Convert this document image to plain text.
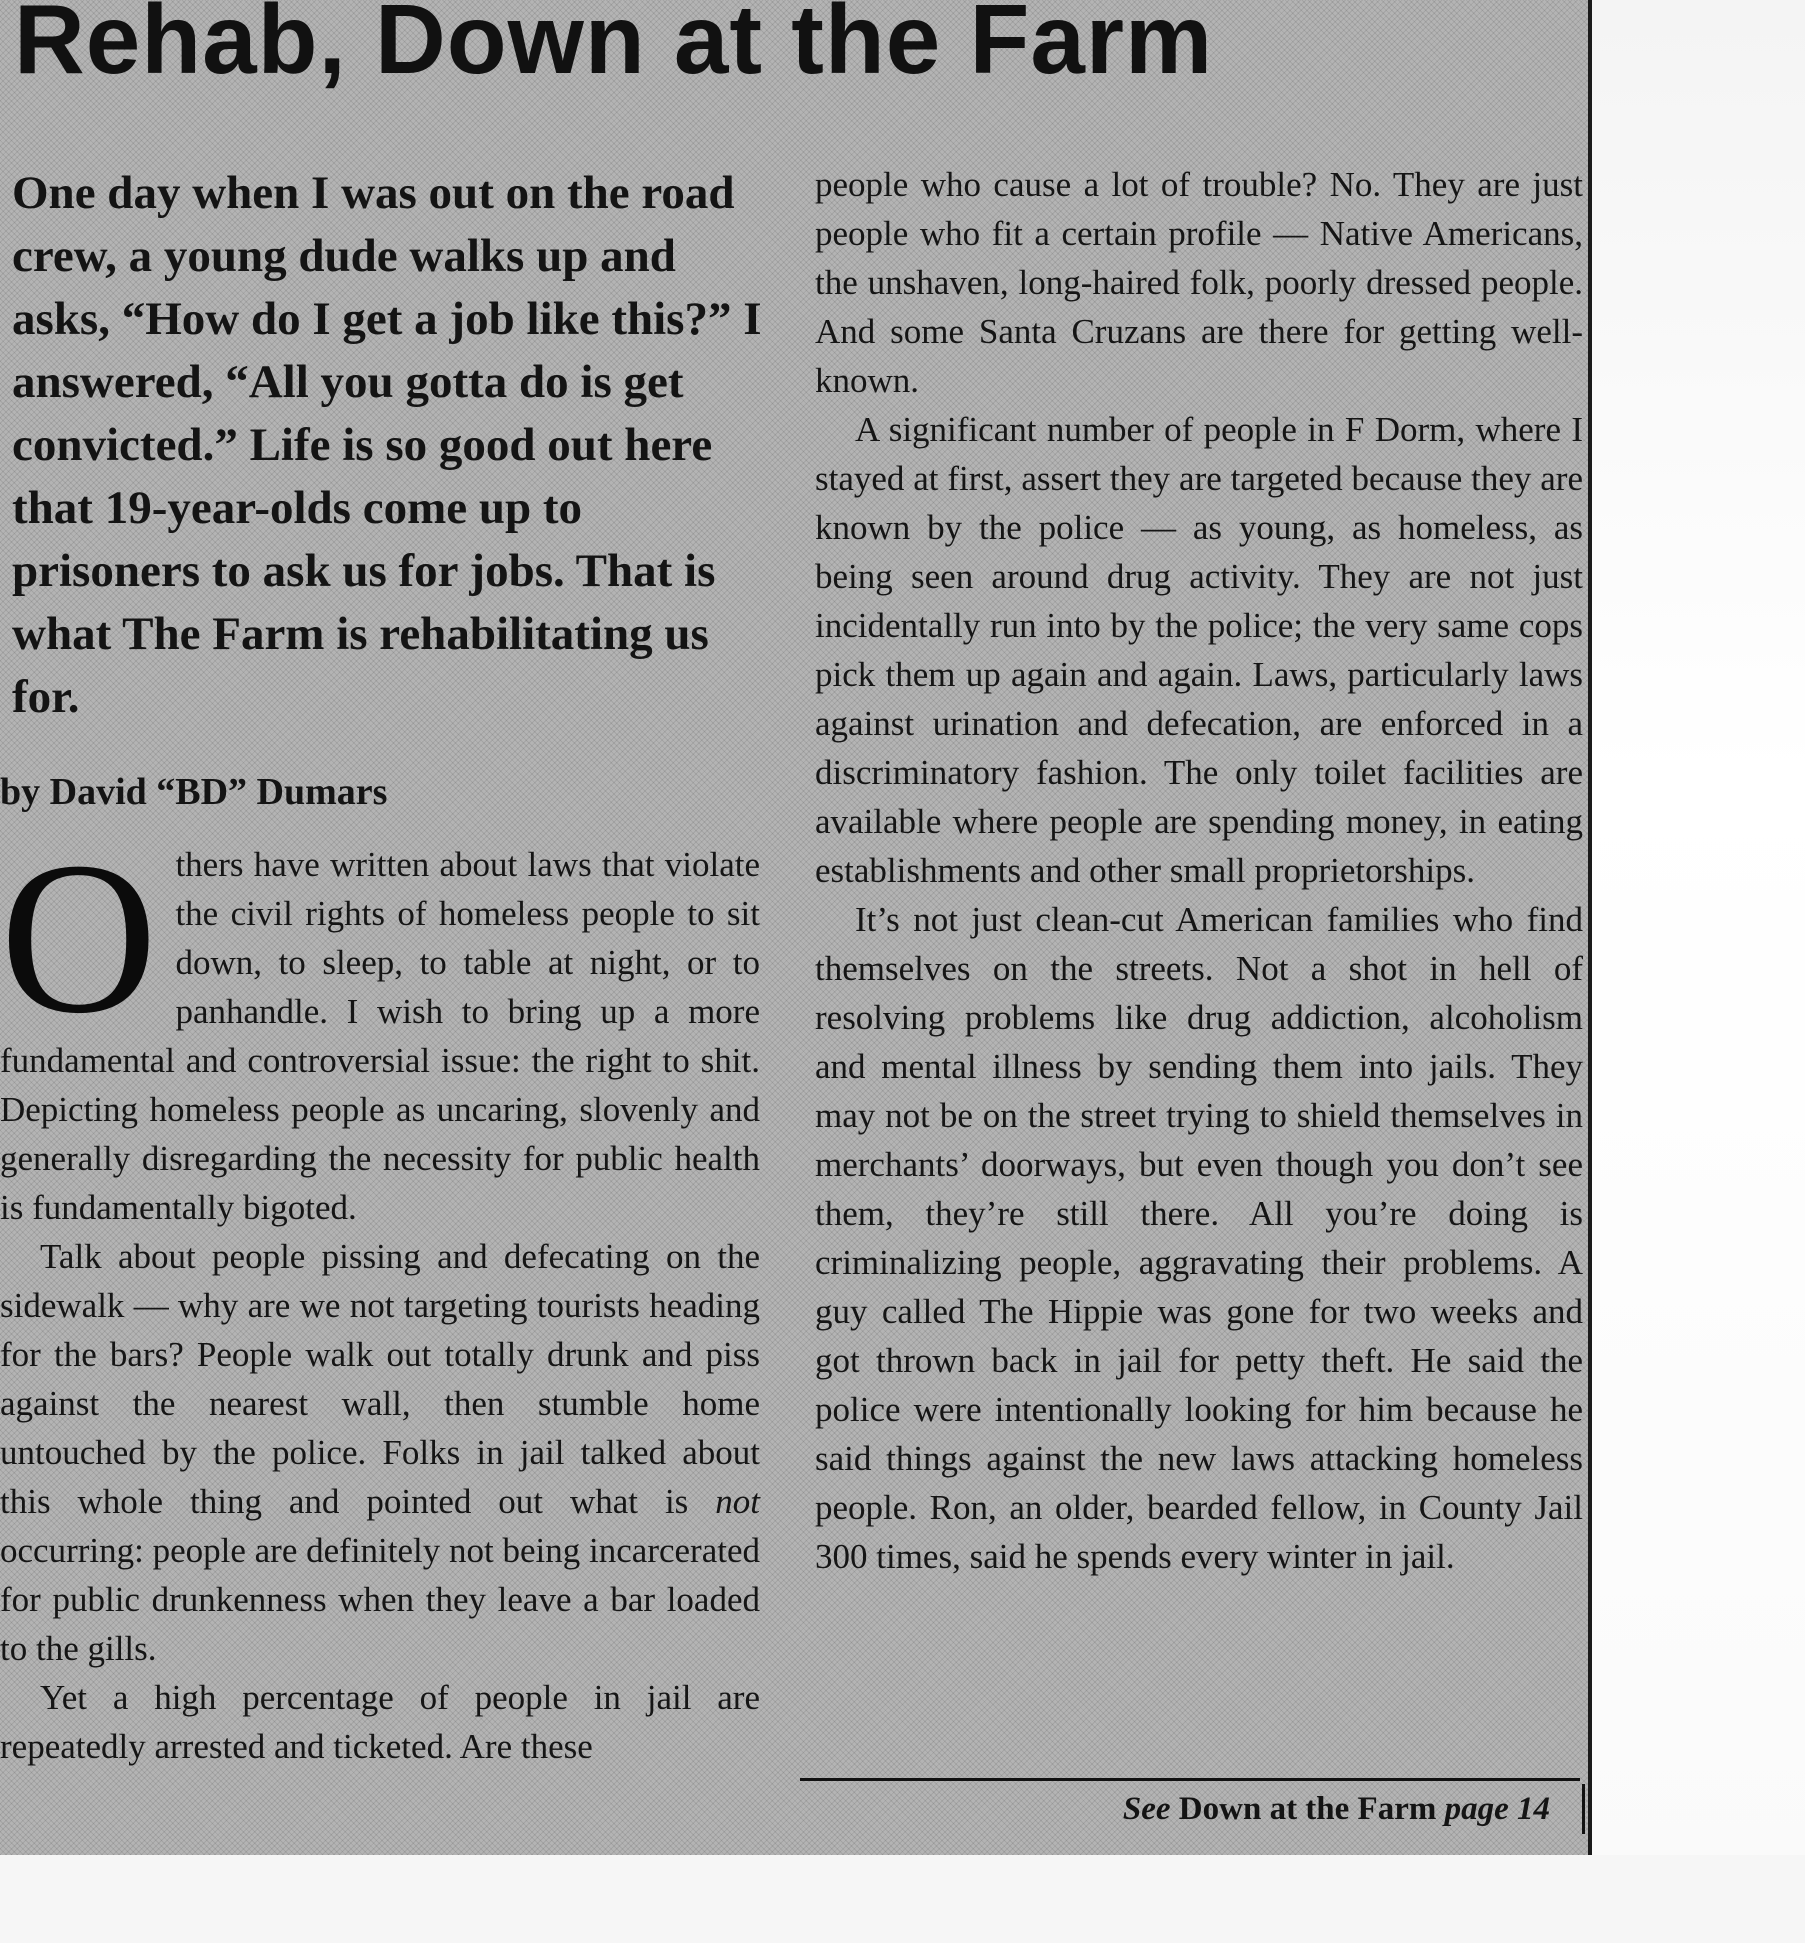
Rehab, Down at the Farm

One day when I was out on the road crew, a young dude walks up and asks, “How do I get a job like this?” I answered, “All you gotta do is get convicted.” Life is so good out here that 19-year-olds come up to prisoners to ask us for jobs. That is what The Farm is rehabilitating us for.

by David “BD” Dumars

Others have written about laws that violate the civil rights of homeless people to sit down, to sleep, to table at night, or to panhandle. I wish to bring up a more fundamental and controversial issue: the right to shit. Depicting homeless people as uncaring, slovenly and generally disregarding the necessity for public health is fundamentally bigoted.

Talk about people pissing and defecating on the sidewalk — why are we not targeting tourists heading for the bars? People walk out totally drunk and piss against the nearest wall, then stumble home untouched by the police. Folks in jail talked about this whole thing and pointed out what is not occurring: people are definitely not being incarcerated for public drunkenness when they leave a bar loaded to the gills.

Yet a high percentage of people in jail are repeatedly arrested and ticketed. Are these

people who cause a lot of trouble? No. They are just people who fit a certain profile — Native Americans, the unshaven, long-haired folk, poorly dressed people. And some Santa Cruzans are there for getting well-known.

A significant number of people in F Dorm, where I stayed at first, assert they are targeted because they are known by the police — as young, as homeless, as being seen around drug activity. They are not just incidentally run into by the police; the very same cops pick them up again and again. Laws, particularly laws against urination and defecation, are enforced in a discriminatory fashion. The only toilet facilities are available where people are spending money, in eating establishments and other small proprietorships.

It’s not just clean-cut American families who find themselves on the streets. Not a shot in hell of resolving problems like drug addiction, alcoholism and mental illness by sending them into jails. They may not be on the street trying to shield themselves in merchants’ doorways, but even though you don’t see them, they’re still there. All you’re doing is criminalizing people, aggravating their problems. A guy called The Hippie was gone for two weeks and got thrown back in jail for petty theft. He said the police were intentionally looking for him because he said things against the new laws attacking homeless people. Ron, an older, bearded fellow, in County Jail 300 times, said he spends every winter in jail.

See Down at the Farm page 14
